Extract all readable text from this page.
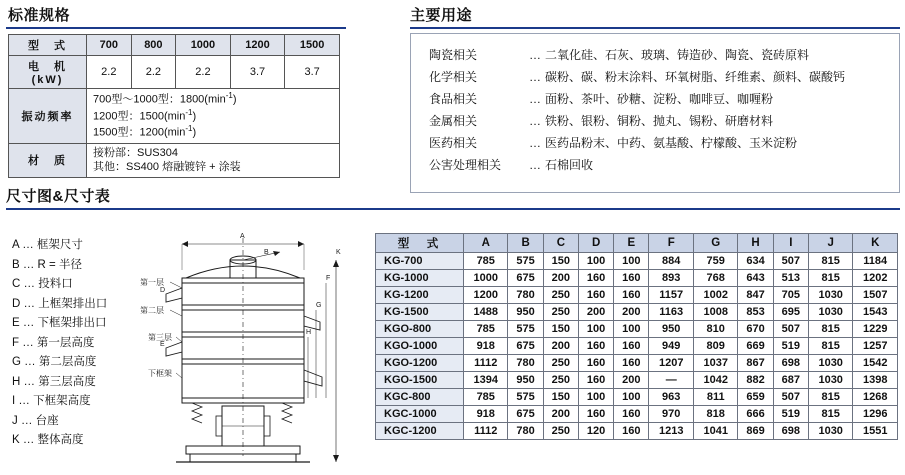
标准规格
型　式	700	800	1000	1200	1500

电　机
(kW)	2.2	2.2	2.2	3.7	3.7
振动频率	700型～1000型：$1800(\min^{-1})$
1200型：$1500(\min^{-1})$
1500型：$1200(\min^{-1})$				

材　质	接粉部：SUS304
其他：SS400 熔融镀锌 + 涂装				
主要用途
陶瓷相关	… 二氧化硅、石灰、玻璃、铸造砂、陶瓷、瓷砖原料
化学相关	… 碳粉、碳、粉末涂料、环氧树脂、纤维素、颜料、碳酸钙
食品相关	… 面粉、茶叶、砂糖、淀粉、咖啡豆、咖喱粉
金属相关	… 铁粉、银粉、铜粉、抛丸、锡粉、研磨材料
医药相关	… 医药品粉末、中药、氨基酸、柠檬酸、玉米淀粉
公害处理相关 … 石棉回收
尺寸图&尺寸表
A … 框架尺寸
B … R = 半径
C … 投料口
D … 上框架排出口
E … 下框架排出口
F … 第一层高度
G … 第二层高度
H … 第三层高度
I … 下框架高度
J … 台座
K … 整体高度
A
B	K
F
G
H
D
E
第一层
第二层
第三层
下框架
型　式	A	B	C	D	E	F	G	H	I	J	K
KG-700	785	575	150	100	100	884	759	634	507	815	1184
KG-1000	1000	675	200	160	160	893	768	643	513	815	1202
KG-1200	1200	780	250	160	160	1157	1002	847	705	1030	1507
KG-1500	1488	950	250	200	200	1163	1008	853	695	1030	1543
KGO-800	785	575	150	100	100	950	810	670	507	815	1229
KGO-1000	918	675	200	160	160	949	809	669	519	815	1257
KGO-1200	1112	780	250	160	160	1207	1037	867	698	1030	1542
KGO-1500	1394	950	250	160	200	—	1042	882	687	1030	1398
KGC-800	785	575	150	100	100	963	811	659	507	815	1268
KGC-1000	918	675	200	160	160	970	818	666	519	815	1296
KGC-1200	1112	780	250	120	160	1213	1041	869	698	1030	1551
